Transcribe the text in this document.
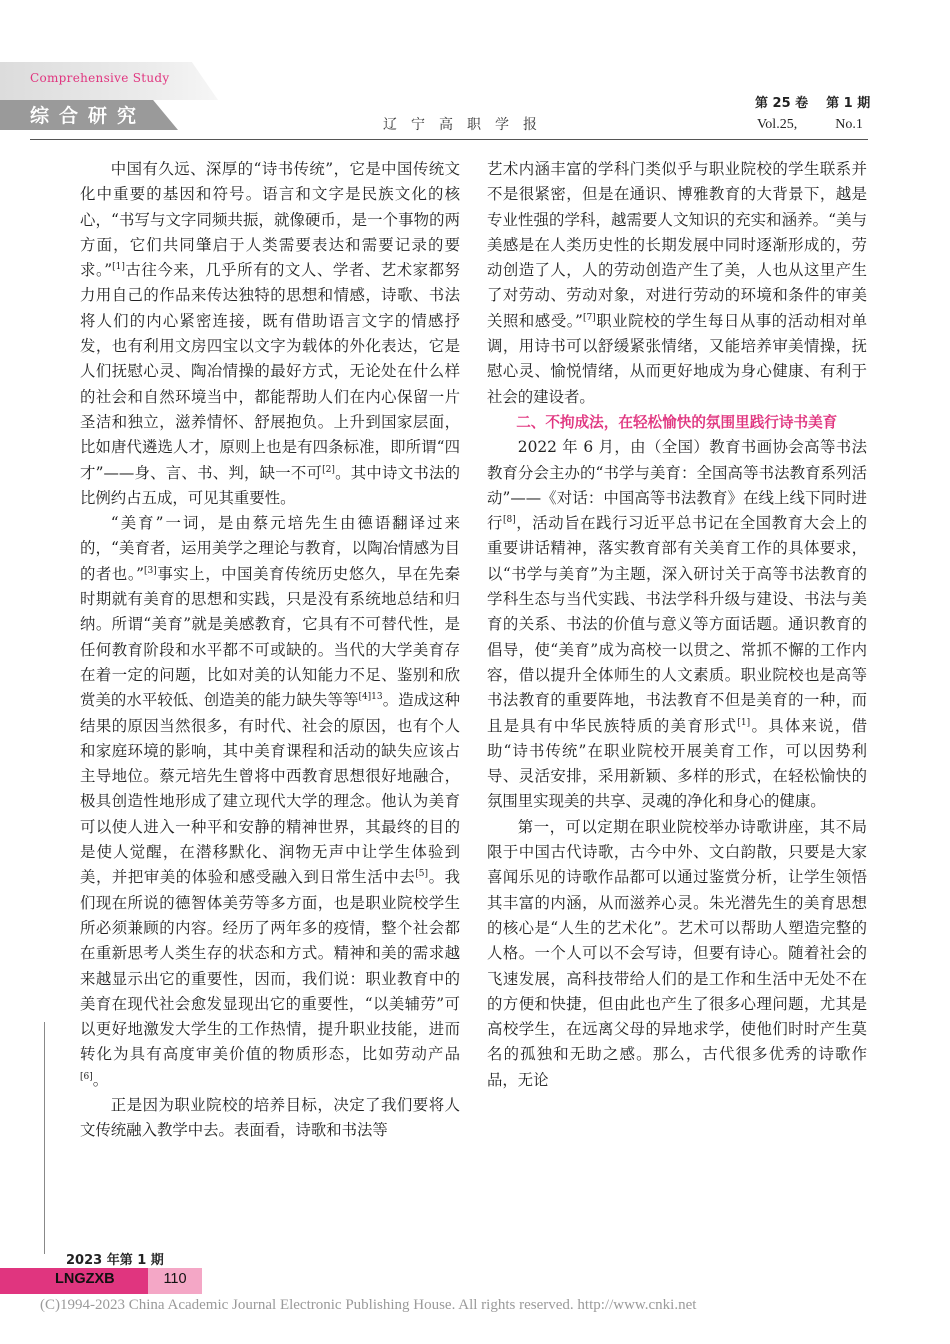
Comprehensive Study
综合研究	辽宁高职学报
第 25 卷 第 1 期
Vol.25,	No.1

中国有久远、深厚的“诗书传统”，它是中国传统文化中重要的基因和符号。语言和文字是民族文化的核心，“书写与文字同频共振，就像硬币，是一个事物的两方面，它们共同肇启于人类需要表达和需要记录的要求。”[1]古往今来，几乎所有的文人、学者、艺术家都努力用自己的作品来传达独特的思想和情感，诗歌、书法将人们的内心紧密连接，既有借助语言文字的情感抒发，也有利用文房四宝以文字为载体的外化表达，它是人们抚慰心灵、陶冶情操的最好方式，无论处在什么样的社会和自然环境当中，都能帮助人们在内心保留一片圣洁和独立，滋养情怀、舒展抱负。上升到国家层面，比如唐代遴选人才，原则上也是有四条标准，即所谓“四才”——身、言、书、判，缺一不可[2]。其中诗文书法的比例约占五成，可见其重要性。

“美育”一词，是由蔡元培先生由德语翻译过来的，“美育者，运用美学之理论与教育，以陶冶情感为目的者也。”[3]事实上，中国美育传统历史悠久，早在先秦时期就有美育的思想和实践，只是没有系统地总结和归纳。所谓“美育”就是美感教育，它具有不可替代性，是任何教育阶段和水平都不可或缺的。当代的大学美育存在着一定的问题，比如对美的认知能力不足、鉴别和欣赏美的水平较低、创造美的能力缺失等等$^{[4]13}$。造成这种结果的原因当然很多，有时代、社会的原因，也有个人和家庭环境的影响，其中美育课程和活动的缺失应该占主导地位。蔡元培先生曾将中西教育思想很好地融合，极具创造性地形成了建立现代大学的理念。他认为美育可以使人进入一种平和安静的精神世界，其最终的目的是使人觉醒，在潜移默化、润物无声中让学生体验到美，并把审美的体验和感受融入到日常生活中去[5]。我们现在所说的德智体美劳等多方面，也是职业院校学生所必须兼顾的内容。经历了两年多的疫情，整个社会都在重新思考人类生存的状态和方式。精神和美的需求越来越显示出它的重要性，因而，我们说：职业教育中的美育在现代社会愈发显现出它的重要性，“以美辅劳”可以更好地激发大学生的工作热情，提升职业技能，进而转化为具有高度审美价值的物质形态，比如劳动产品[6]。

正是因为职业院校的培养目标，决定了我们要将人文传统融入教学中去。表面看，诗歌和书法等

艺术内涵丰富的学科门类似乎与职业院校的学生联系并不是很紧密，但是在通识、博雅教育的大背景下，越是专业性强的学科，越需要人文知识的充实和涵养。“美与美感是在人类历史性的长期发展中同时逐渐形成的，劳动创造了人，人的劳动创造产生了美，人也从这里产生了对劳动、劳动对象，对进行劳动的环境和条件的审美关照和感受。”[7]职业院校的学生每日从事的活动相对单调，用诗书可以舒缓紧张情绪，又能培养审美情操，抚慰心灵、愉悦情绪，从而更好地成为身心健康、有利于社会的建设者。

二、不拘成法，在轻松愉快的氛围里践行诗书美育

2022 年 6 月，由（全国）教育书画协会高等书法教育分会主办的“书学与美育：全国高等书法教育系列活动”——《对话：中国高等书法教育》在线上线下同时进行[8]，活动旨在践行习近平总书记在全国教育大会上的重要讲话精神，落实教育部有关美育工作的具体要求，以“书学与美育”为主题，深入研讨关于高等书法教育的学科生态与当代实践、书法学科升级与建设、书法与美育的关系、书法的价值与意义等方面话题。通识教育的倡导，使“美育”成为高校一以贯之、常抓不懈的工作内容，借以提升全体师生的人文素质。职业院校也是高等书法教育的重要阵地，书法教育不但是美育的一种，而且是具有中华民族特质的美育形式[1]。具体来说，借助“诗书传统”在职业院校开展美育工作，可以因势利导、灵活安排，采用新颖、多样的形式，在轻松愉快的氛围里实现美的共享、灵魂的净化和身心的健康。

第一，可以定期在职业院校举办诗歌讲座，其不局限于中国古代诗歌，古今中外、文白韵散，只要是大家喜闻乐见的诗歌作品都可以通过鉴赏分析，让学生领悟其丰富的内涵，从而滋养心灵。朱光潜先生的美育思想的核心是“人生的艺术化”。艺术可以帮助人塑造完整的人格。一个人可以不会写诗，但要有诗心。随着社会的飞速发展，高科技带给人们的是工作和生活中无处不在的方便和快捷，但由此也产生了很多心理问题，尤其是高校学生，在远离父母的异地求学，使他们时时产生莫名的孤独和无助之感。那么，古代很多优秀的诗歌作品，无论

2023 年第 1 期
LNGZXB	110
(C)1994-2023 China Academic Journal Electronic Publishing House. All rights reserved. http://www.cnki.net
